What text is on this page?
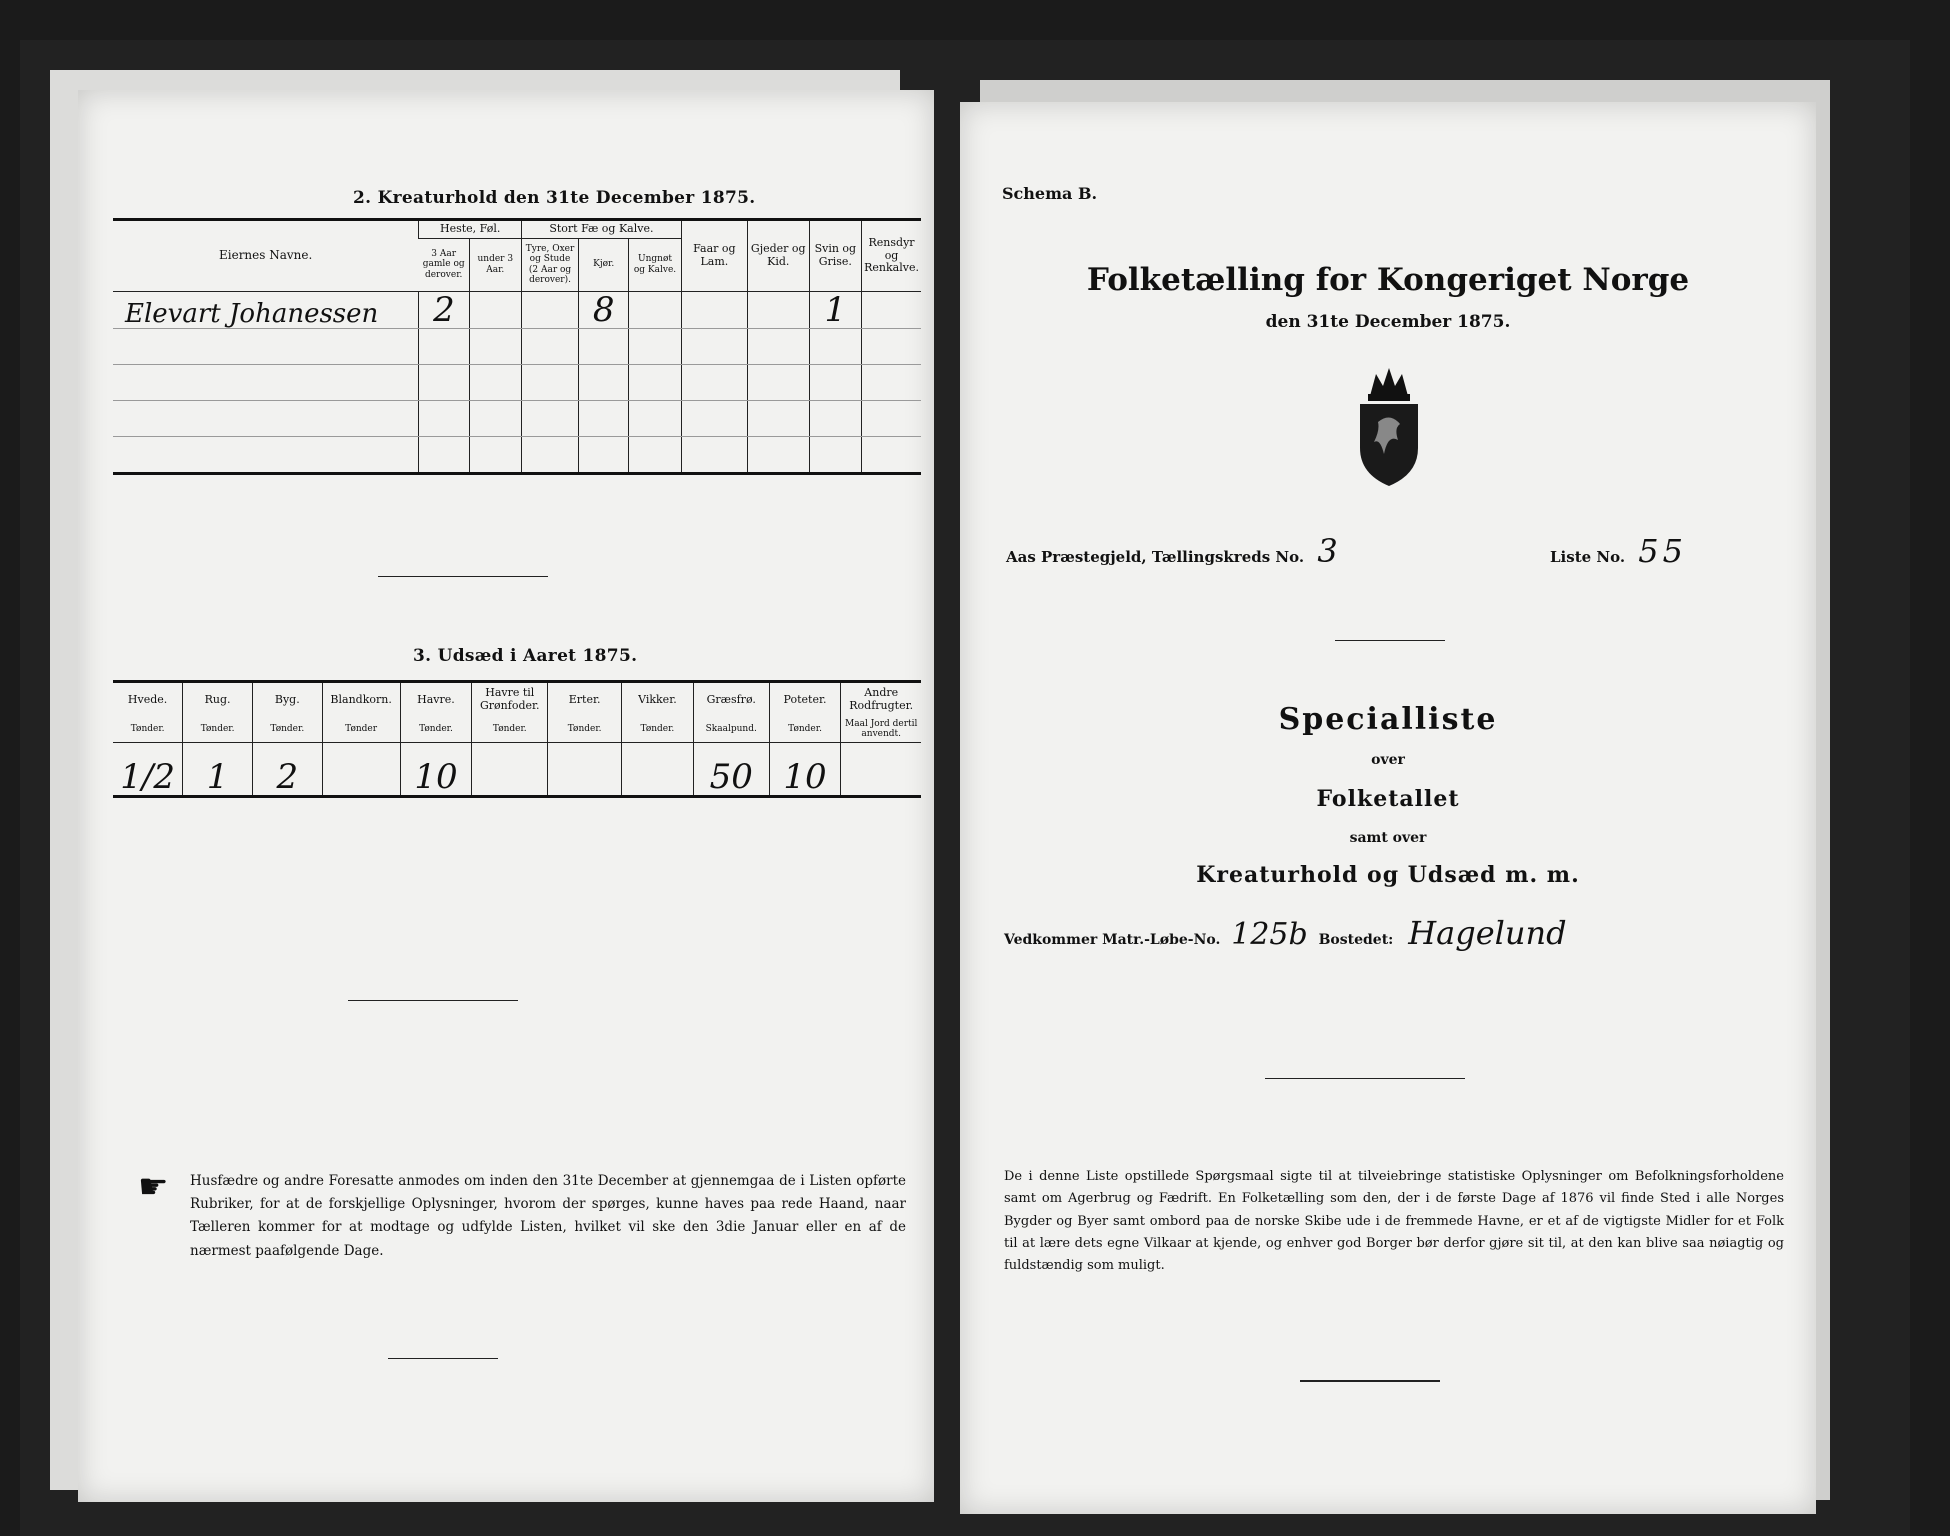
2. Kreaturhold den 31te December 1875.
Eiernes Navne.	Heste, Føl.		Stort Fæ og Kalve.			Faar og Lam.	Gjeder og Kid.	Svin og Grise.	Rensdyr og Renkalve.
	3 Aar gamle og derover.	under 3 Aar.	Tyre, Oxer og Stude (2 Aar og derover).	Kjør.	Ungnøt og Kalve.				
Elevart Johanessen	2			8				1	

3. Udsæd i Aaret 1875.
Hvede.	Rug.	Byg.	Blandkorn.	Havre.	Havre til Grønfoder.	Erter.	Vikker.	Græsfrø.	Poteter.	Andre Rodfrugter.
Tønder.	Tønder.	Tønder.	Tønder	Tønder.	Tønder.	Tønder.	Tønder.	Skaalpund.	Tønder.	Maal Jord dertil anvendt.
1/2	1	2		10				50	10	
☛ Husfædre og andre Foresatte anmodes om inden den 31te December at gjennemgaa de i Listen opførte Rubriker, for at de forskjellige Oplysninger, hvorom der spørges, kunne haves paa rede Haand, naar Tælleren kommer for at modtage og udfylde Listen, hvilket vil ske den 3die Januar eller en af de nærmest paafølgende Dage.
Schema B.
Folketælling for Kongeriget Norge
den 31te December 1875.
Aas Præstegjeld, Tællingskreds No. 3	Liste No. 55
Specialliste
over
Folketallet
samt over
Kreaturhold og Udsæd m. m.
Vedkommer Matr.-Løbe-No. 125b Bostedet: Hagelund
De i denne Liste opstillede Spørgsmaal sigte til at tilveiebringe statistiske Oplysninger om Befolkningsforholdene samt om Agerbrug og Fædrift. En Folketælling som den, der i de første Dage af 1876 vil finde Sted i alle Norges Bygder og Byer samt ombord paa de norske Skibe ude i de fremmede Havne, er et af de vigtigste Midler for et Folk til at lære dets egne Vilkaar at kjende, og enhver god Borger bør derfor gjøre sit til, at den kan blive saa nøiagtig og fuldstændig som muligt.
